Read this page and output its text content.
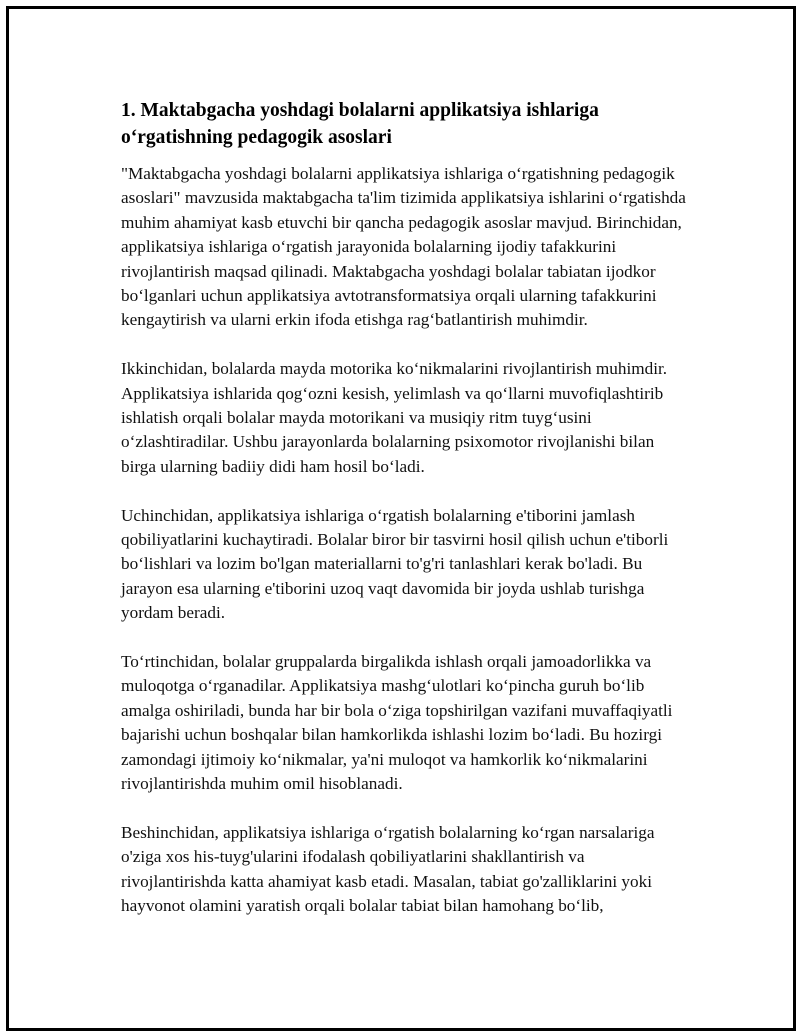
1. Maktabgacha yoshdagi bolalarni applikatsiya ishlariga o‘rgatishning pedagogik asoslari

"Maktabgacha yoshdagi bolalarni applikatsiya ishlariga o‘rgatishning pedagogik asoslari" mavzusida maktabgacha ta'lim tizimida applikatsiya ishlarini o‘rgatishda muhim ahamiyat kasb etuvchi bir qancha pedagogik asoslar mavjud. Birinchidan, applikatsiya ishlariga o‘rgatish jarayonida bolalarning ijodiy tafakkurini rivojlantirish maqsad qilinadi. Maktabgacha yoshdagi bolalar tabiatan ijodkor bo‘lganlari uchun applikatsiya avtotransformatsiya orqali ularning tafakkurini kengaytirish va ularni erkin ifoda etishga rag‘batlantirish muhimdir.

Ikkinchidan, bolalarda mayda motorika ko‘nikmalarini rivojlantirish muhimdir. Applikatsiya ishlarida qog‘ozni kesish, yelimlash va qo‘llarni muvofiqlashtirib ishlatish orqali bolalar mayda motorikani va musiqiy ritm tuyg‘usini o‘zlashtiradilar. Ushbu jarayonlarda bolalarning psixomotor rivojlanishi bilan birga ularning badiiy didi ham hosil bo‘ladi.

Uchinchidan, applikatsiya ishlariga o‘rgatish bolalarning e'tiborini jamlash qobiliyatlarini kuchaytiradi. Bolalar biror bir tasvirni hosil qilish uchun e'tiborli bo‘lishlari va lozim bo'lgan materiallarni to'g'ri tanlashlari kerak bo'ladi. Bu jarayon esa ularning e'tiborini uzoq vaqt davomida bir joyda ushlab turishga yordam beradi.

To‘rtinchidan, bolalar gruppalarda birgalikda ishlash orqali jamoadorlikka va muloqotga o‘rganadilar. Applikatsiya mashg‘ulotlari ko‘pincha guruh bo‘lib amalga oshiriladi, bunda har bir bola o‘ziga topshirilgan vazifani muvaffaqiyatli bajarishi uchun boshqalar bilan hamkorlikda ishlashi lozim bo‘ladi. Bu hozirgi zamondagi ijtimoiy ko‘nikmalar, ya'ni muloqot va hamkorlik ko‘nikmalarini rivojlantirishda muhim omil hisoblanadi.

Beshinchidan, applikatsiya ishlariga o‘rgatish bolalarning ko‘rgan narsalariga o'ziga xos his-tuyg'ularini ifodalash qobiliyatlarini shakllantirish va rivojlantirishda katta ahamiyat kasb etadi. Masalan, tabiat go'zalliklarini yoki hayvonot olamini yaratish orqali bolalar tabiat bilan hamohang bo‘lib,
